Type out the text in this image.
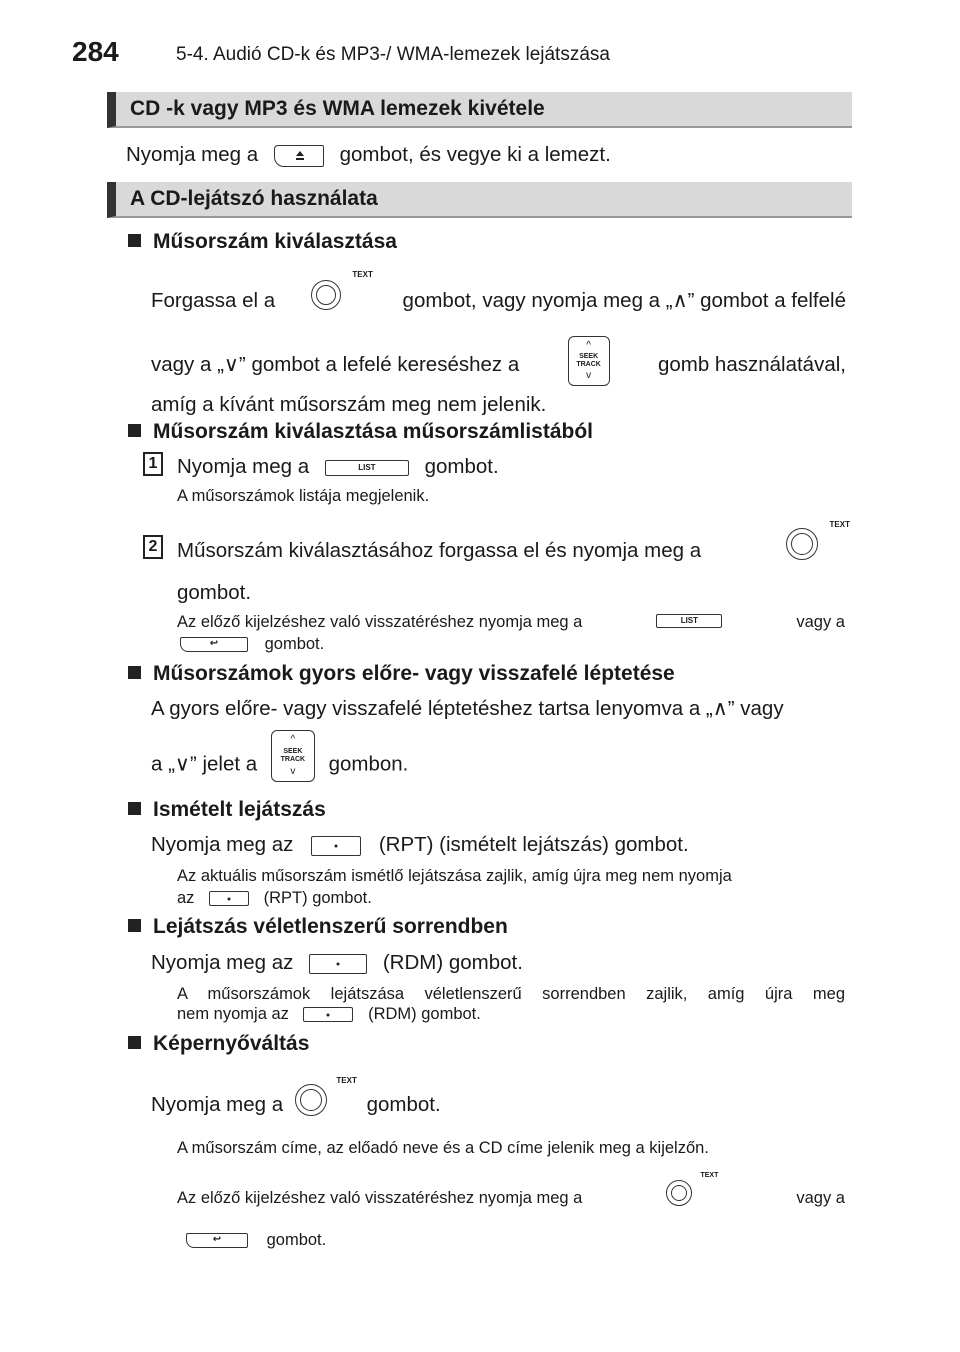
284	5-4. Audió CD-k és MP3-/ WMA-lemezek lejátszása
CD -k vagy MP3 és WMA lemezek kivétele
Nyomja meg a	gombot, és vegye ki a lemezt.
A CD-lejátszó használata
Műsorszám kiválasztása
Forgassa el a
TEXT
gombot, vagy nyomja meg a „∧” gombot a felfelé
vagy a „∨” gombot a lefelé kereséshez a
^
SEEK
TRACK
v	gomb használatával,
amíg a kívánt műsorszám meg nem jelenik.
Műsorszám kiválasztása műsorszámlistából
1 Nyomja meg a	LIST	gombot.
A műsorszámok listája megjelenik.
2 Műsorszám kiválasztásához forgassa el és nyomja meg a
TEXT
gombot.
Az előző kijelzéshez való visszatéréshez nyomja meg a	LIST	vagy a
↩	gombot.
Műsorszámok gyors előre- vagy visszafelé léptetése
A gyors előre- vagy visszafelé léptetéshez tartsa lenyomva a „∧” vagy
a „∨” jelet a
^
SEEK
TRACK
v	gombon.
Ismételt lejátszás
Nyomja meg az	(RPT) (ismételt lejátszás) gombot.
Az aktuális műsorszám ismétlő lejátszása zajlik, amíg újra meg nem nyomja
az	(RPT) gombot.
Lejátszás véletlenszerű sorrendben
Nyomja meg az	(RDM) gombot.
A műsorszámok lejátszása véletlenszerű sorrendben zajlik, amíg újra meg
nem nyomja az	(RDM) gombot.
Képernyőváltás
Nyomja meg a
TEXT
gombot.
A műsorszám címe, az előadó neve és a CD címe jelenik meg a kijelzőn.
Az előző kijelzéshez való visszatéréshez nyomja meg a
TEXT
vagy a
↩	gombot.
